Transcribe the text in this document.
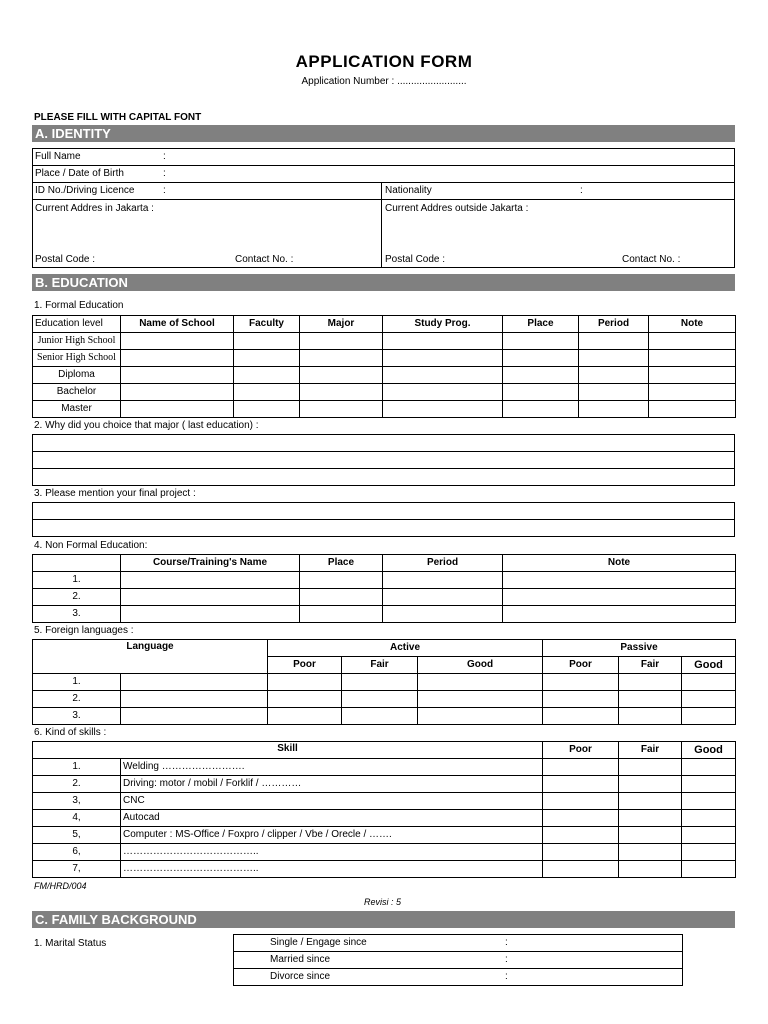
APPLICATION FORM
Application Number : .........................
PLEASE FILL WITH CAPITAL FONT
A. IDENTITY
Full Name	:
Place / Date of Birth	:
ID No./Driving Licence	:	Nationality	:
Current Addres in Jakarta :	Current Addres outside Jakarta :
Postal Code :	Contact No. :	Postal Code :	Contact No. :
B. EDUCATION
1. Formal Education
Education level	Name of School	Faculty	Major	Study Prog.	Place	Period	Note
Junior High School							
Senior High School							
Diploma							
Bachelor							
Master							
2. Why did you choice that major ( last education) :

3. Please mention your final project :

4. Non Formal Education:
	Course/Training's Name	Place	Period	Note
1.				
2.				
3.				
5. Foreign languages :
Language		Active			Passive		
		Poor	Fair	Good	Poor	Fair	Good
1.							
2.							
3.							
6. Kind of skills :
Skill		Poor	Fair	Good
1.	Welding …………………….			
2.	Driving: motor / mobil / Forklif / …………			
3,	CNC			
4,	Autocad			
5,	Computer : MS-Office / Foxpro / clipper / Vbe / Orecle / …….			
6,	…………………………………..			
7,	…………………………………..			
FM/HRD/004
Revisi : 5
C. FAMILY BACKGROUND
1. Marital Status	Single / Engage since	:

Married since	:

Divorce since	:
